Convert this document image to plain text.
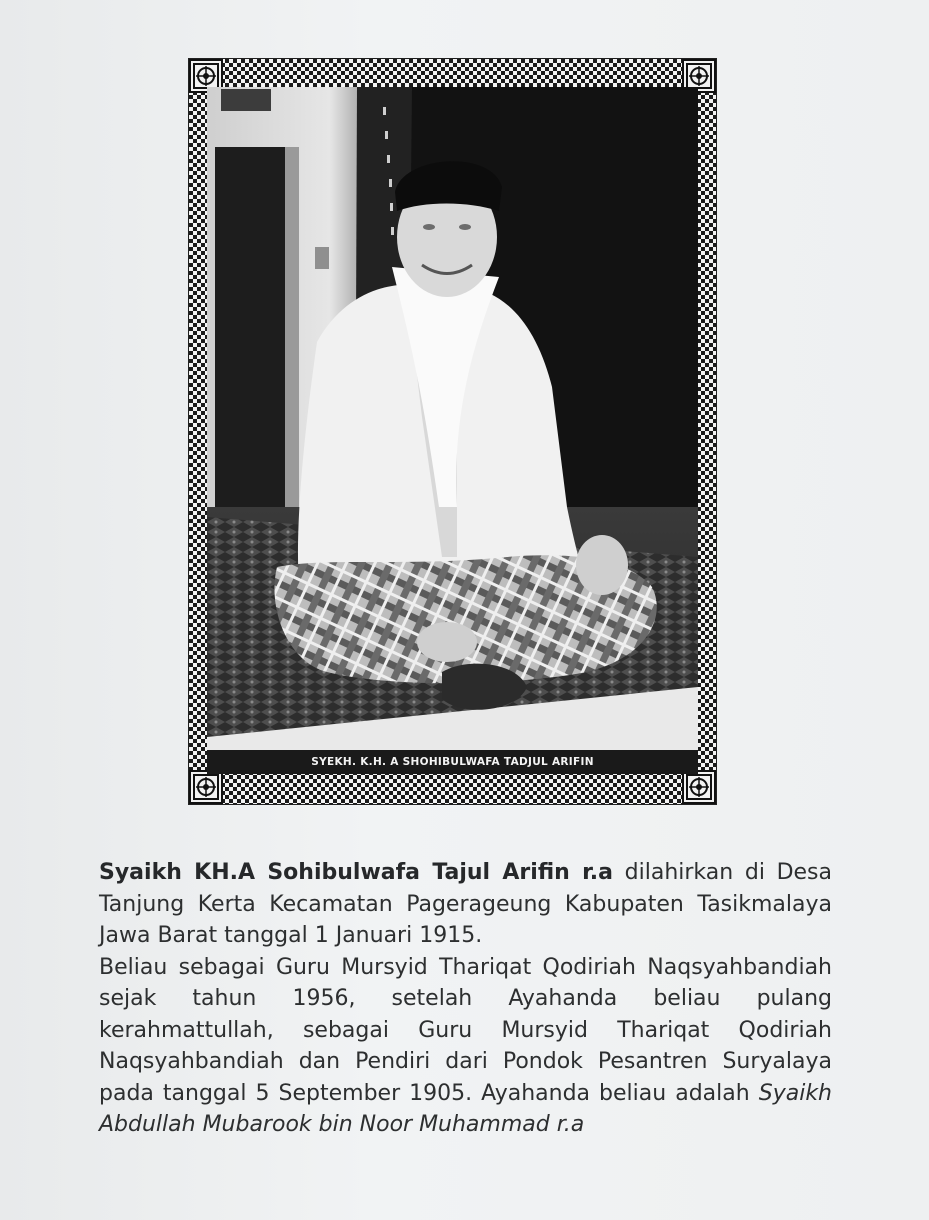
SYEKH. K.H. A SHOHIBULWAFA TADJUL ARIFIN

Syaikh KH.A Sohibulwafa Tajul Arifin r.a dilahirkan di Desa Tanjung Kerta Kecamatan Pagerageung Kabupaten Tasikmalaya Jawa Barat tanggal 1 Januari 1915.

Beliau sebagai Guru Mursyid Thariqat Qodiriah Naqsyahbandiah sejak tahun 1956, setelah Ayahanda beliau pulang kerahmattullah, sebagai Guru Mursyid Thariqat Qodiriah Naqsyahbandiah dan Pendiri dari Pondok Pesantren Suryalaya pada tanggal 5 September 1905. Ayahanda beliau adalah Syaikh Abdullah Mubarook bin Noor Muhammad r.a
